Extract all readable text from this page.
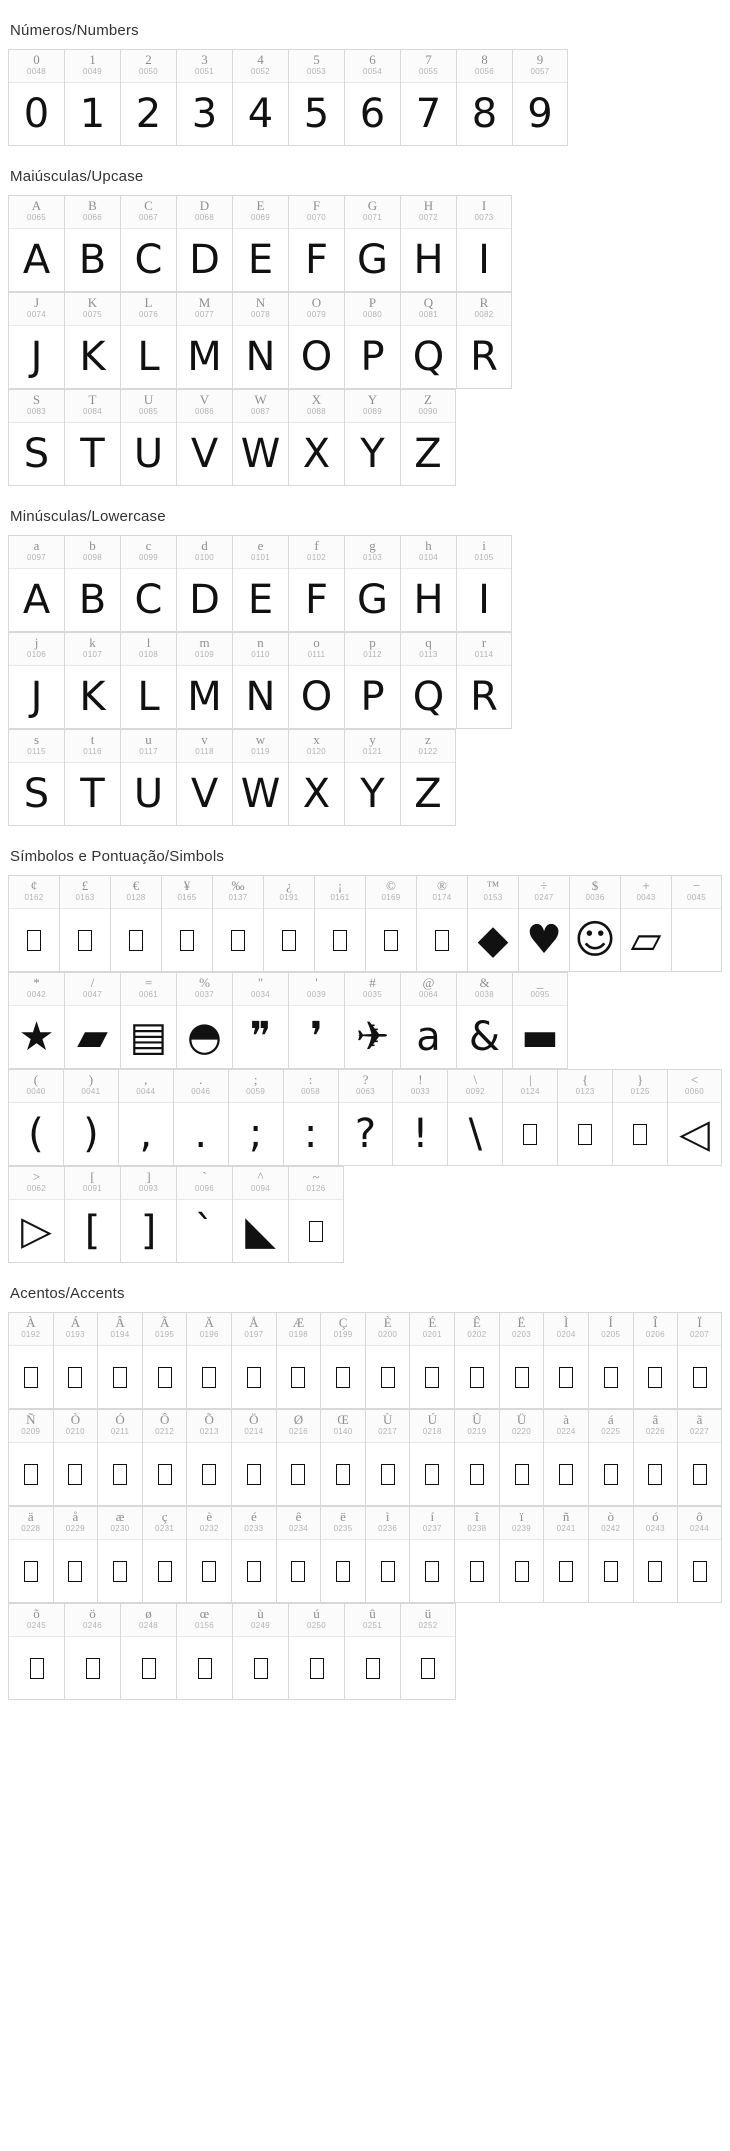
Números/Numbers
0
0048
0
1
0049
1
2
0050
2
3
0051
3
4
0052
4
5
0053
5
6
0054
6
7
0055
7
8
0056
8
9
0057
9
Maiúsculas/Upcase
A
0065
A
B
0066
B
C
0067
C
D
0068
D
E
0069
E
F
0070
F
G
0071
G
H
0072
H
I
0073
I
J
0074
J
K
0075
K
L
0076
L
M
0077
M
N
0078
N
O
0079
O
P
0080
P
Q
0081
Q
R
0082
R
S
0083
S
T
0084
T
U
0085
U
V
0086
V
W
0087
W
X
0088
X
Y
0089
Y
Z
0090
Z
Minúsculas/Lowercase
a
0097
A
b
0098
B
c
0099
C
d
0100
D
e
0101
E
f
0102
F
g
0103
G
h
0104
H
i
0105
I
j
0106
J
k
0107
K
l
0108
L
m
0109
M
n
0110
N
o
0111
O
p
0112
P
q
0113
Q
r
0114
R
s
0115
S
t
0116
T
u
0117
U
v
0118
V
w
0119
W
x
0120
X
y
0121
Y
z
0122
Z
Símbolos e Pontuação/Simbols
¢
0162
£
0163
€
0128
¥
0165
‰
0137
¿
0191
¡
0161
©
0169
®
0174
™
0153
◆
÷
0247
♥
$
0036
☺
+
0043
▱
−
0045
*
0042
★
/
0047
▰
=
0061
▤
%
0037
◓
"
0034
❞
'
0039
❜
#
0035
✈
@
0064
a
&
0038
&
_
0095
▬
(
0040
(
)
0041
)
,
0044
,
.
0046
.
;
0059
;
:
0058
:
?
0063
?
!
0033
!
\
0092
\
|
0124
{
0123
}
0125
<
0060
◁
>
0062
▷
[
0091
[
]
0093
]
`
0096
`
^
0094
◣
~
0126
Acentos/Accents
À
0192
Á
0193
Â
0194
Ã
0195
Ä
0196
Å
0197
Æ
0198
Ç
0199
È
0200
É
0201
Ê
0202
Ë
0203
Ì
0204
Í
0205
Î
0206
Ï
0207
Ñ
0209
Ò
0210
Ó
0211
Ô
0212
Õ
0213
Ö
0214
Ø
0216
Œ
0140
Ù
0217
Ú
0218
Û
0219
Ü
0220
à
0224
á
0225
â
0226
ã
0227
ä
0228
å
0229
æ
0230
ç
0231
è
0232
é
0233
ê
0234
ë
0235
ì
0236
í
0237
î
0238
ï
0239
ñ
0241
ò
0242
ó
0243
ô
0244
õ
0245
ö
0246
ø
0248
œ
0156
ù
0249
ú
0250
û
0251
ü
0252
